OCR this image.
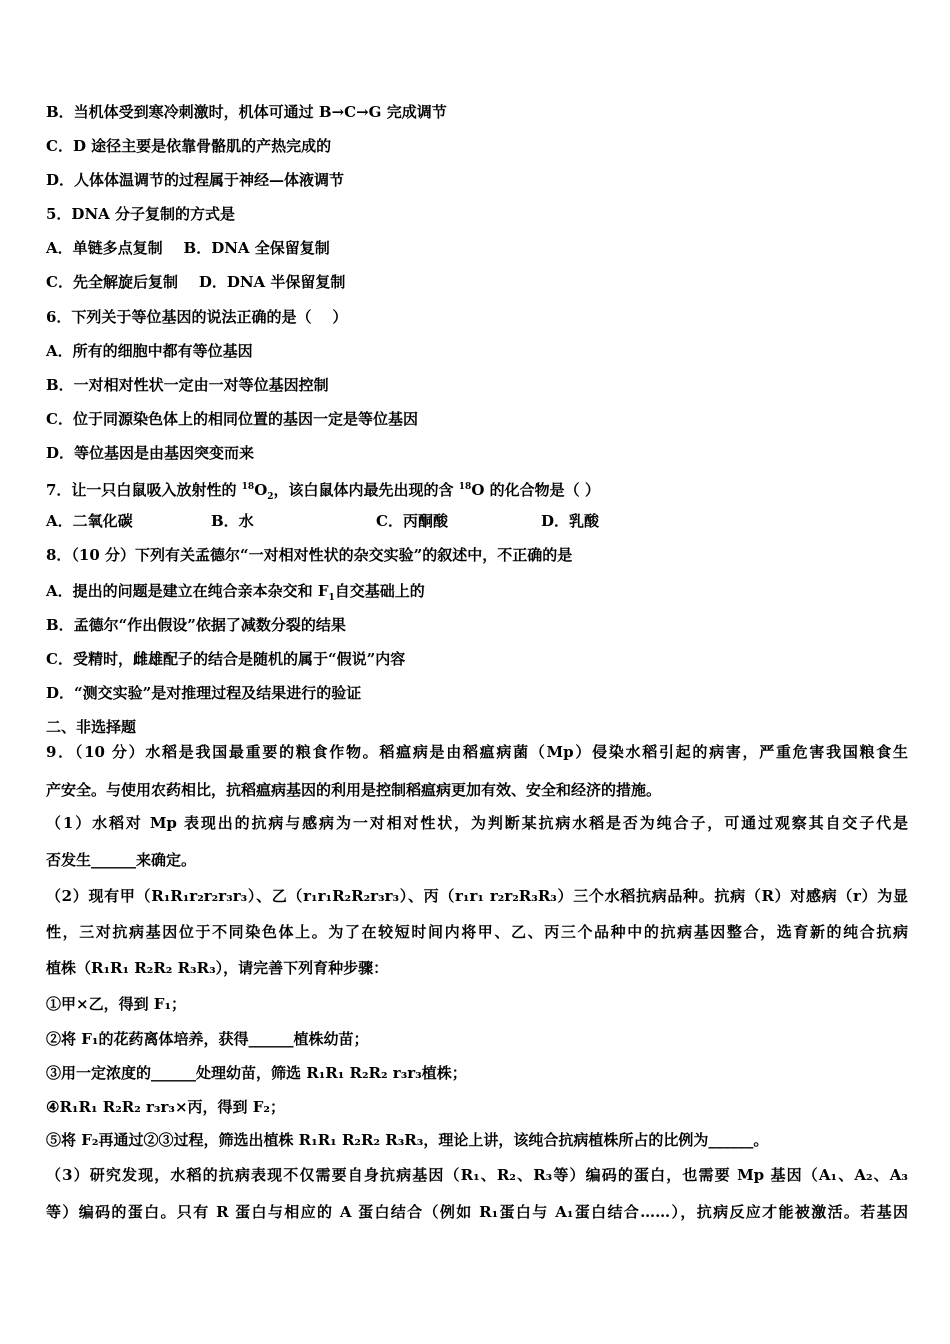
B．当机体受到寒冷刺激时，机体可通过 B→C→G 完成调节
C．D 途径主要是依靠骨骼肌的产热完成的
D．人体体温调节的过程属于神经—体液调节
5．DNA 分子复制的方式是
A．单链多点复制    B．DNA 全保留复制
C．先全解旋后复制    D．DNA 半保留复制
6．下列关于等位基因的说法正确的是（    ）
A．所有的细胞中都有等位基因
B．一对相对性状一定由一对等位基因控制
C．位于同源染色体上的相同位置的基因一定是等位基因
D．等位基因是由基因突变而来
7．让一只白鼠吸入放射性的 $^{18}O_2$，该白鼠体内最先出现的含 $^{18}$O 的化合物是（ ）
A．二氧化碳	B．水	C．丙酮酸	D．乳酸
8．（10 分）下列有关孟德尔“一对相对性状的杂交实验”的叙述中，不正确的是
A．提出的问题是建立在纯合亲本杂交和 $F_1$自交基础上的
B．孟德尔“作出假设”依据了减数分裂的结果
C．受精时，雌雄配子的结合是随机的属于“假说”内容
D．“测交实验”是对推理过程及结果进行的验证
二、非选择题
9．（10 分）水稻是我国最重要的粮食作物。稻瘟病是由稻瘟病菌（Mp）侵染水稻引起的病害，严重危害我国粮食生
产安全。与使用农药相比，抗稻瘟病基因的利用是控制稻瘟病更加有效、安全和经济的措施。
（1）水稻对 Mp 表现出的抗病与感病为一对相对性状，为判断某抗病水稻是否为纯合子，可通过观察其自交子代是
否发生______来确定。
（2）现有甲（R₁R₁r₂r₂r₃r₃）、乙（r₁r₁R₂R₂r₃r₃）、丙（r₁r₁ r₂r₂R₃R₃）三个水稻抗病品种。抗病（R）对感病（r）为显
性，三对抗病基因位于不同染色体上。为了在较短时间内将甲、乙、丙三个品种中的抗病基因整合，选育新的纯合抗病
植株（R₁R₁ R₂R₂ R₃R₃），请完善下列育种步骤：
①甲×乙，得到 F₁；
②将 F₁的花药离体培养，获得______植株幼苗；
③用一定浓度的______处理幼苗，筛选 R₁R₁ R₂R₂ r₃r₃植株；
④R₁R₁ R₂R₂ r₃r₃×丙，得到 F₂；
⑤将 F₂再通过②③过程，筛选出植株 R₁R₁ R₂R₂ R₃R₃，理论上讲，该纯合抗病植株所占的比例为______。
（3）研究发现，水稻的抗病表现不仅需要自身抗病基因（R₁、R₂、R₃等）编码的蛋白，也需要 Mp 基因（A₁、A₂、A₃
等）编码的蛋白。只有 R 蛋白与相应的 A 蛋白结合（例如 R₁蛋白与 A₁蛋白结合……），抗病反应才能被激活。若基因
